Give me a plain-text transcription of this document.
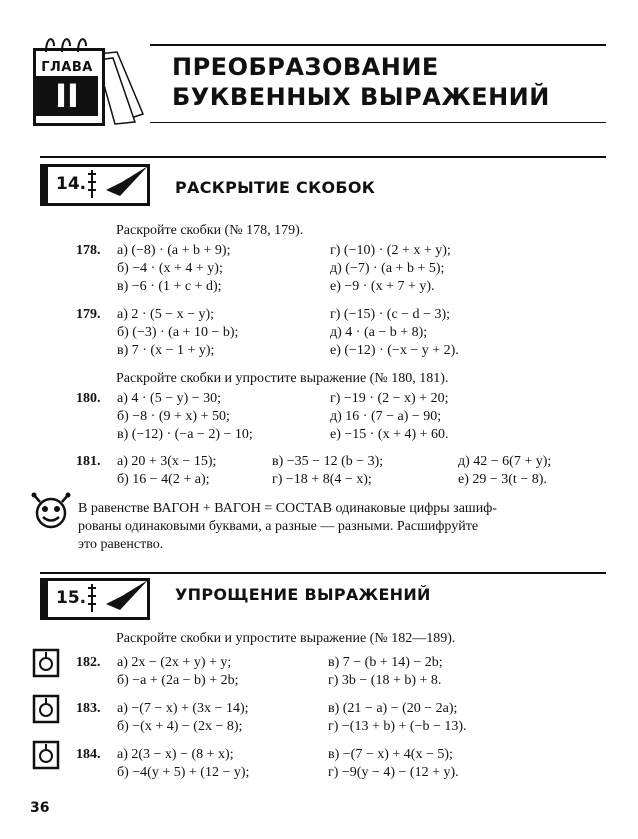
ГЛАВА
II
ПРЕОБРАЗОВАНИЕ
БУКВЕННЫХ ВЫРАЖЕНИЙ
14.	РАСКРЫТИЕ СКОБОК
Раскройте скобки (№ 178, 179).
178. а) (−8) · (a + b + 9);	г) (−10) · (2 + x + y);
б) −4 · (x + 4 + y);	д) (−7) · (a + b + 5);
в) −6 · (1 + c + d);	е) −9 · (x + 7 + y).
179. а) 2 · (5 − x − y);	г) (−15) · (c − d − 3);
б) (−3) · (a + 10 − b);	д) 4 · (a − b + 8);
в) 7 · (x − 1 + y);	е) (−12) · (−x − y + 2).
Раскройте скобки и упростите выражение (№ 180, 181).
180. а) 4 · (5 − y) − 30;	г) −19 · (2 − x) + 20;
б) −8 · (9 + x) + 50;	д) 16 · (7 − a) − 90;
в) (−12) · (−a − 2) − 10;	е) −15 · (x + 4) + 60.
181. а) 20 + 3(x − 15);	в) −35 − 12 (b − 3);	д) 42 − 6(7 + y);
б) 16 − 4(2 + a);	г) −18 + 8(4 − x);	е) 29 − 3(t − 8).
В равенстве ВАГОН + ВАГОН = СОСТАВ одинаковые цифры зашиф-
рованы одинаковыми буквами, а разные — разными. Расшифруйте
это равенство.
15.	УПРОЩЕНИЕ ВЫРАЖЕНИЙ
Раскройте скобки и упростите выражение (№ 182—189).
182. а) 2x − (2x + y) + y;	в) 7 − (b + 14) − 2b;
б) −a + (2a − b) + 2b;	г) 3b − (18 + b) + 8.
183. а) −(7 − x) + (3x − 14);	в) (21 − a) − (20 − 2a);
б) −(x + 4) − (2x − 8);	г) −(13 + b) + (−b − 13).
184. а) 2(3 − x) − (8 + x);	в) −(7 − x) + 4(x − 5);
б) −4(y + 5) + (12 − y);	г) −9(y − 4) − (12 + y).
36
